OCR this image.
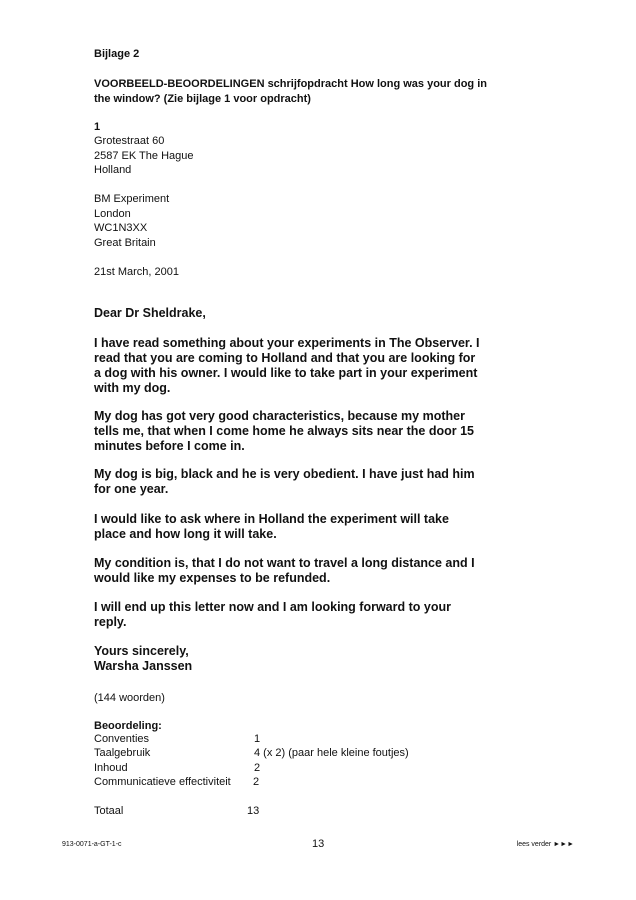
Bijlage 2
VOORBEELD-BEOORDELINGEN schrijfopdracht How long was your dog in
the window? (Zie bijlage 1 voor opdracht)
1
Grotestraat 60
2587 EK The Hague
Holland
BM Experiment
London
WC1N3XX
Great Britain
21st March, 2001
Dear Dr Sheldrake,
I have read something about your experiments in The Observer. I
read that you are coming to Holland and that you are looking for
a dog with his owner. I would like to take part in your experiment
with my dog.
My dog has got very good characteristics, because my mother
tells me, that when I come home he always sits near the door 15
minutes before I come in.
My dog is big, black and he is very obedient. I have just had him
for one year.
I would like to ask where in Holland the experiment will take
place and how long it will take.
My condition is, that I do not want to travel a long distance and I
would like my expenses to be refunded.
I will end up this letter now and I am looking forward to your
reply.
Yours sincerely,
Warsha Janssen
(144 woorden)
Beoordeling:
Conventies	1
Taalgebruik	4 (x 2) (paar hele kleine foutjes)
Inhoud	2
Communicatieve effectiviteit 2
Totaal	13
913-0071-a-GT-1-c	13	lees verder ►►►
